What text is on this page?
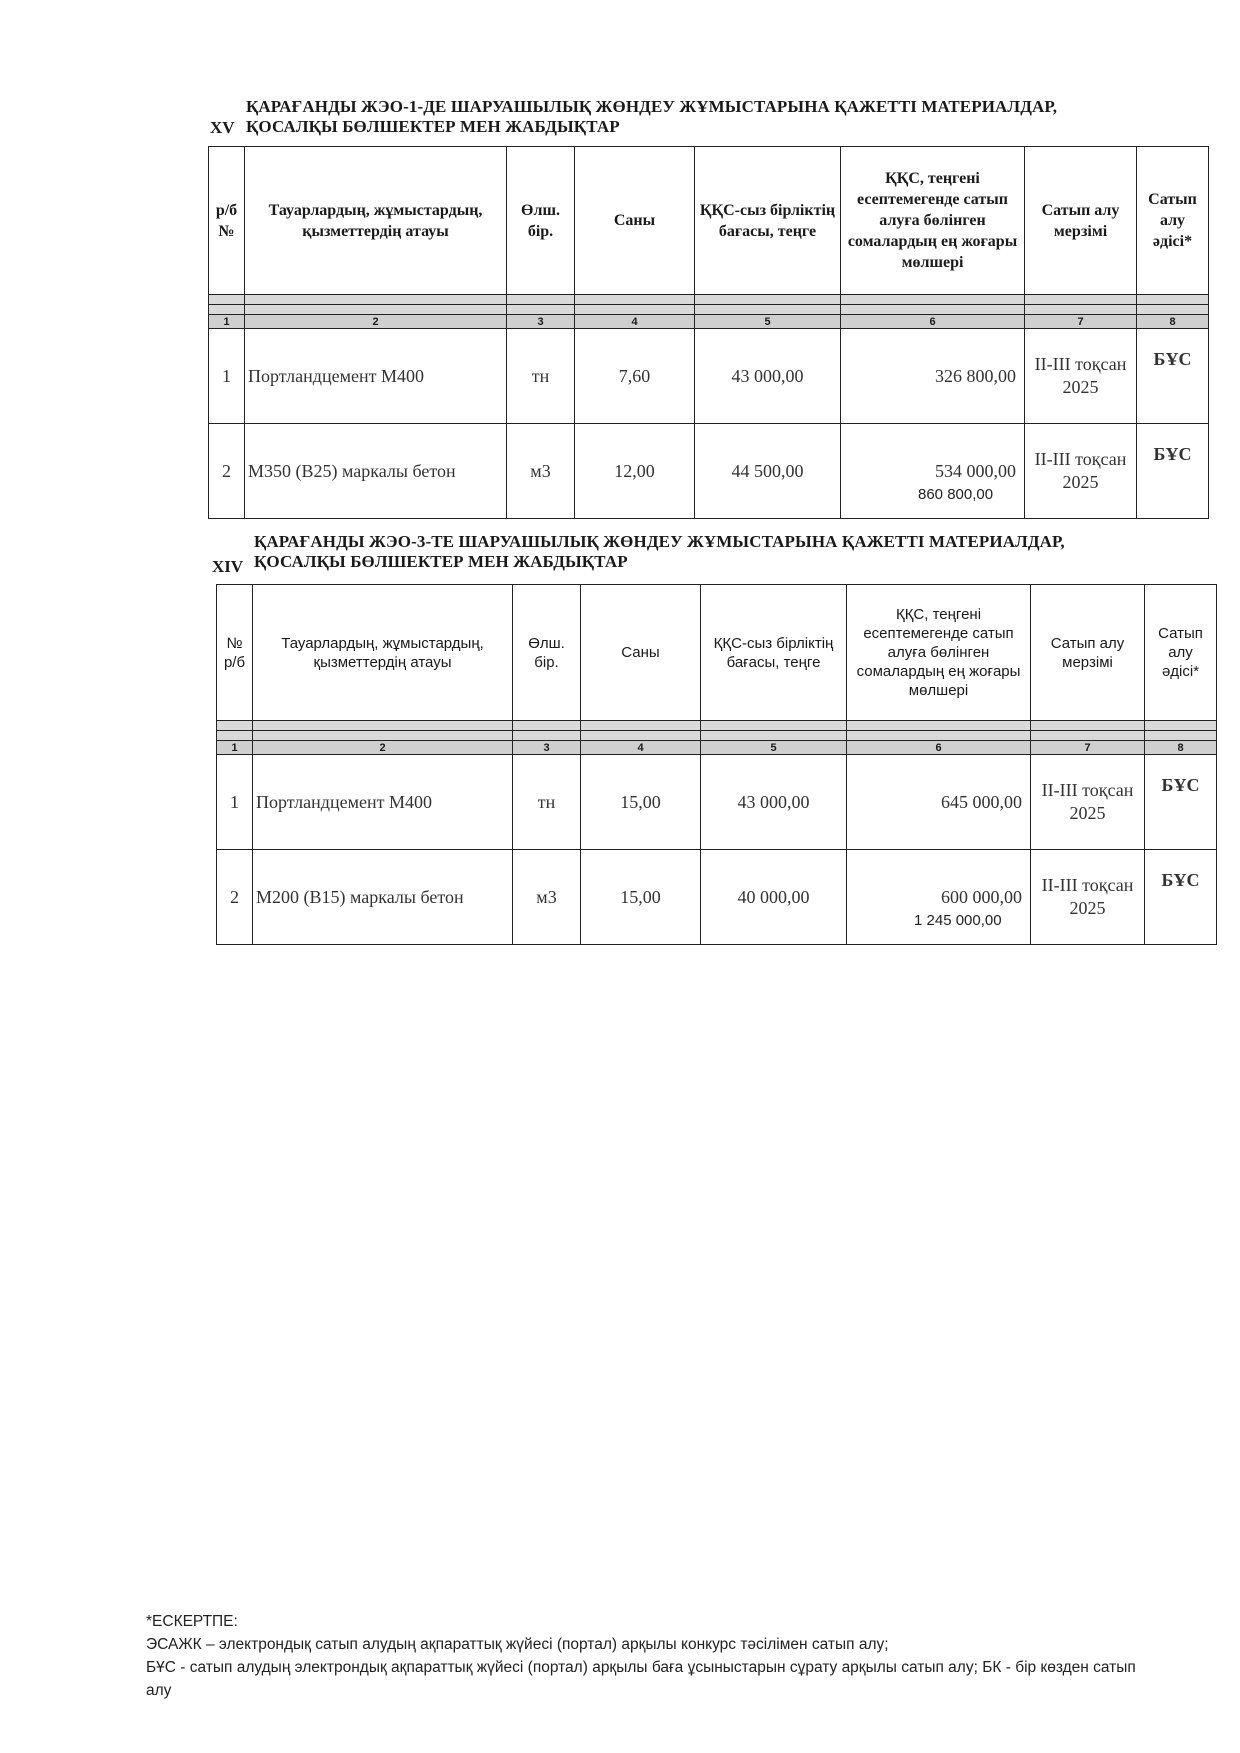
XV
ҚАРАҒАНДЫ ЖЭО-1-ДЕ ШАРУАШЫЛЫҚ ЖӨНДЕУ ЖҰМЫСТАРЫНА ҚАЖЕТТІ МАТЕРИАЛДАР,
ҚОСАЛҚЫ БӨЛШЕКТЕР МЕН ЖАБДЫҚТАР
р/б №	Тауарлардың, жұмыстардың, қызметтердің атауы	Өлш. бір.	Саны	ҚҚС-сыз бірліктің бағасы, теңге	ҚҚС, теңгені есептемегенде сатып алуға бөлінген сомалардың ең жоғары мөлшері	Сатып алу мерзімі	Сатып алу әдісі*

1	2	3	4	5	6	7	8
1	Портландцемент М400	тн	7,60	43 000,00	326 800,00	II-III тоқсан 2025	БҰС
2	М350 (В25) маркалы бетон	м3	12,00	44 500,00	534 000,00	II-III тоқсан 2025	БҰС
860 800,00
XIV
ҚАРАҒАНДЫ ЖЭО-3-ТЕ ШАРУАШЫЛЫҚ ЖӨНДЕУ ЖҰМЫСТАРЫНА ҚАЖЕТТІ МАТЕРИАЛДАР,
ҚОСАЛҚЫ БӨЛШЕКТЕР МЕН ЖАБДЫҚТАР
№ р/б	Тауарлардың, жұмыстардың, қызметтердің атауы	Өлш. бір.	Саны	ҚҚС-сыз бірліктің бағасы, теңге	ҚҚС, теңгені есептемегенде сатып алуға бөлінген сомалардың ең жоғары мөлшері	Сатып алу мерзімі	Сатып алу әдісі*

1	2	3	4	5	6	7	8
1	Портландцемент М400	тн	15,00	43 000,00	645 000,00	II-III тоқсан 2025	БҰС
2	М200 (В15) маркалы бетон	м3	15,00	40 000,00	600 000,00	II-III тоқсан 2025	БҰС
1 245 000,00
*ЕСКЕРТПЕ:
ЭСАЖК – электрондық сатып алудың ақпараттық жүйесі (портал) арқылы конкурс тәсілімен сатып алу;
БҰС - сатып алудың электрондық ақпараттық жүйесі (портал) арқылы баға ұсыныстарын сұрату арқылы сатып алу; БК - бір көзден сатып алу
